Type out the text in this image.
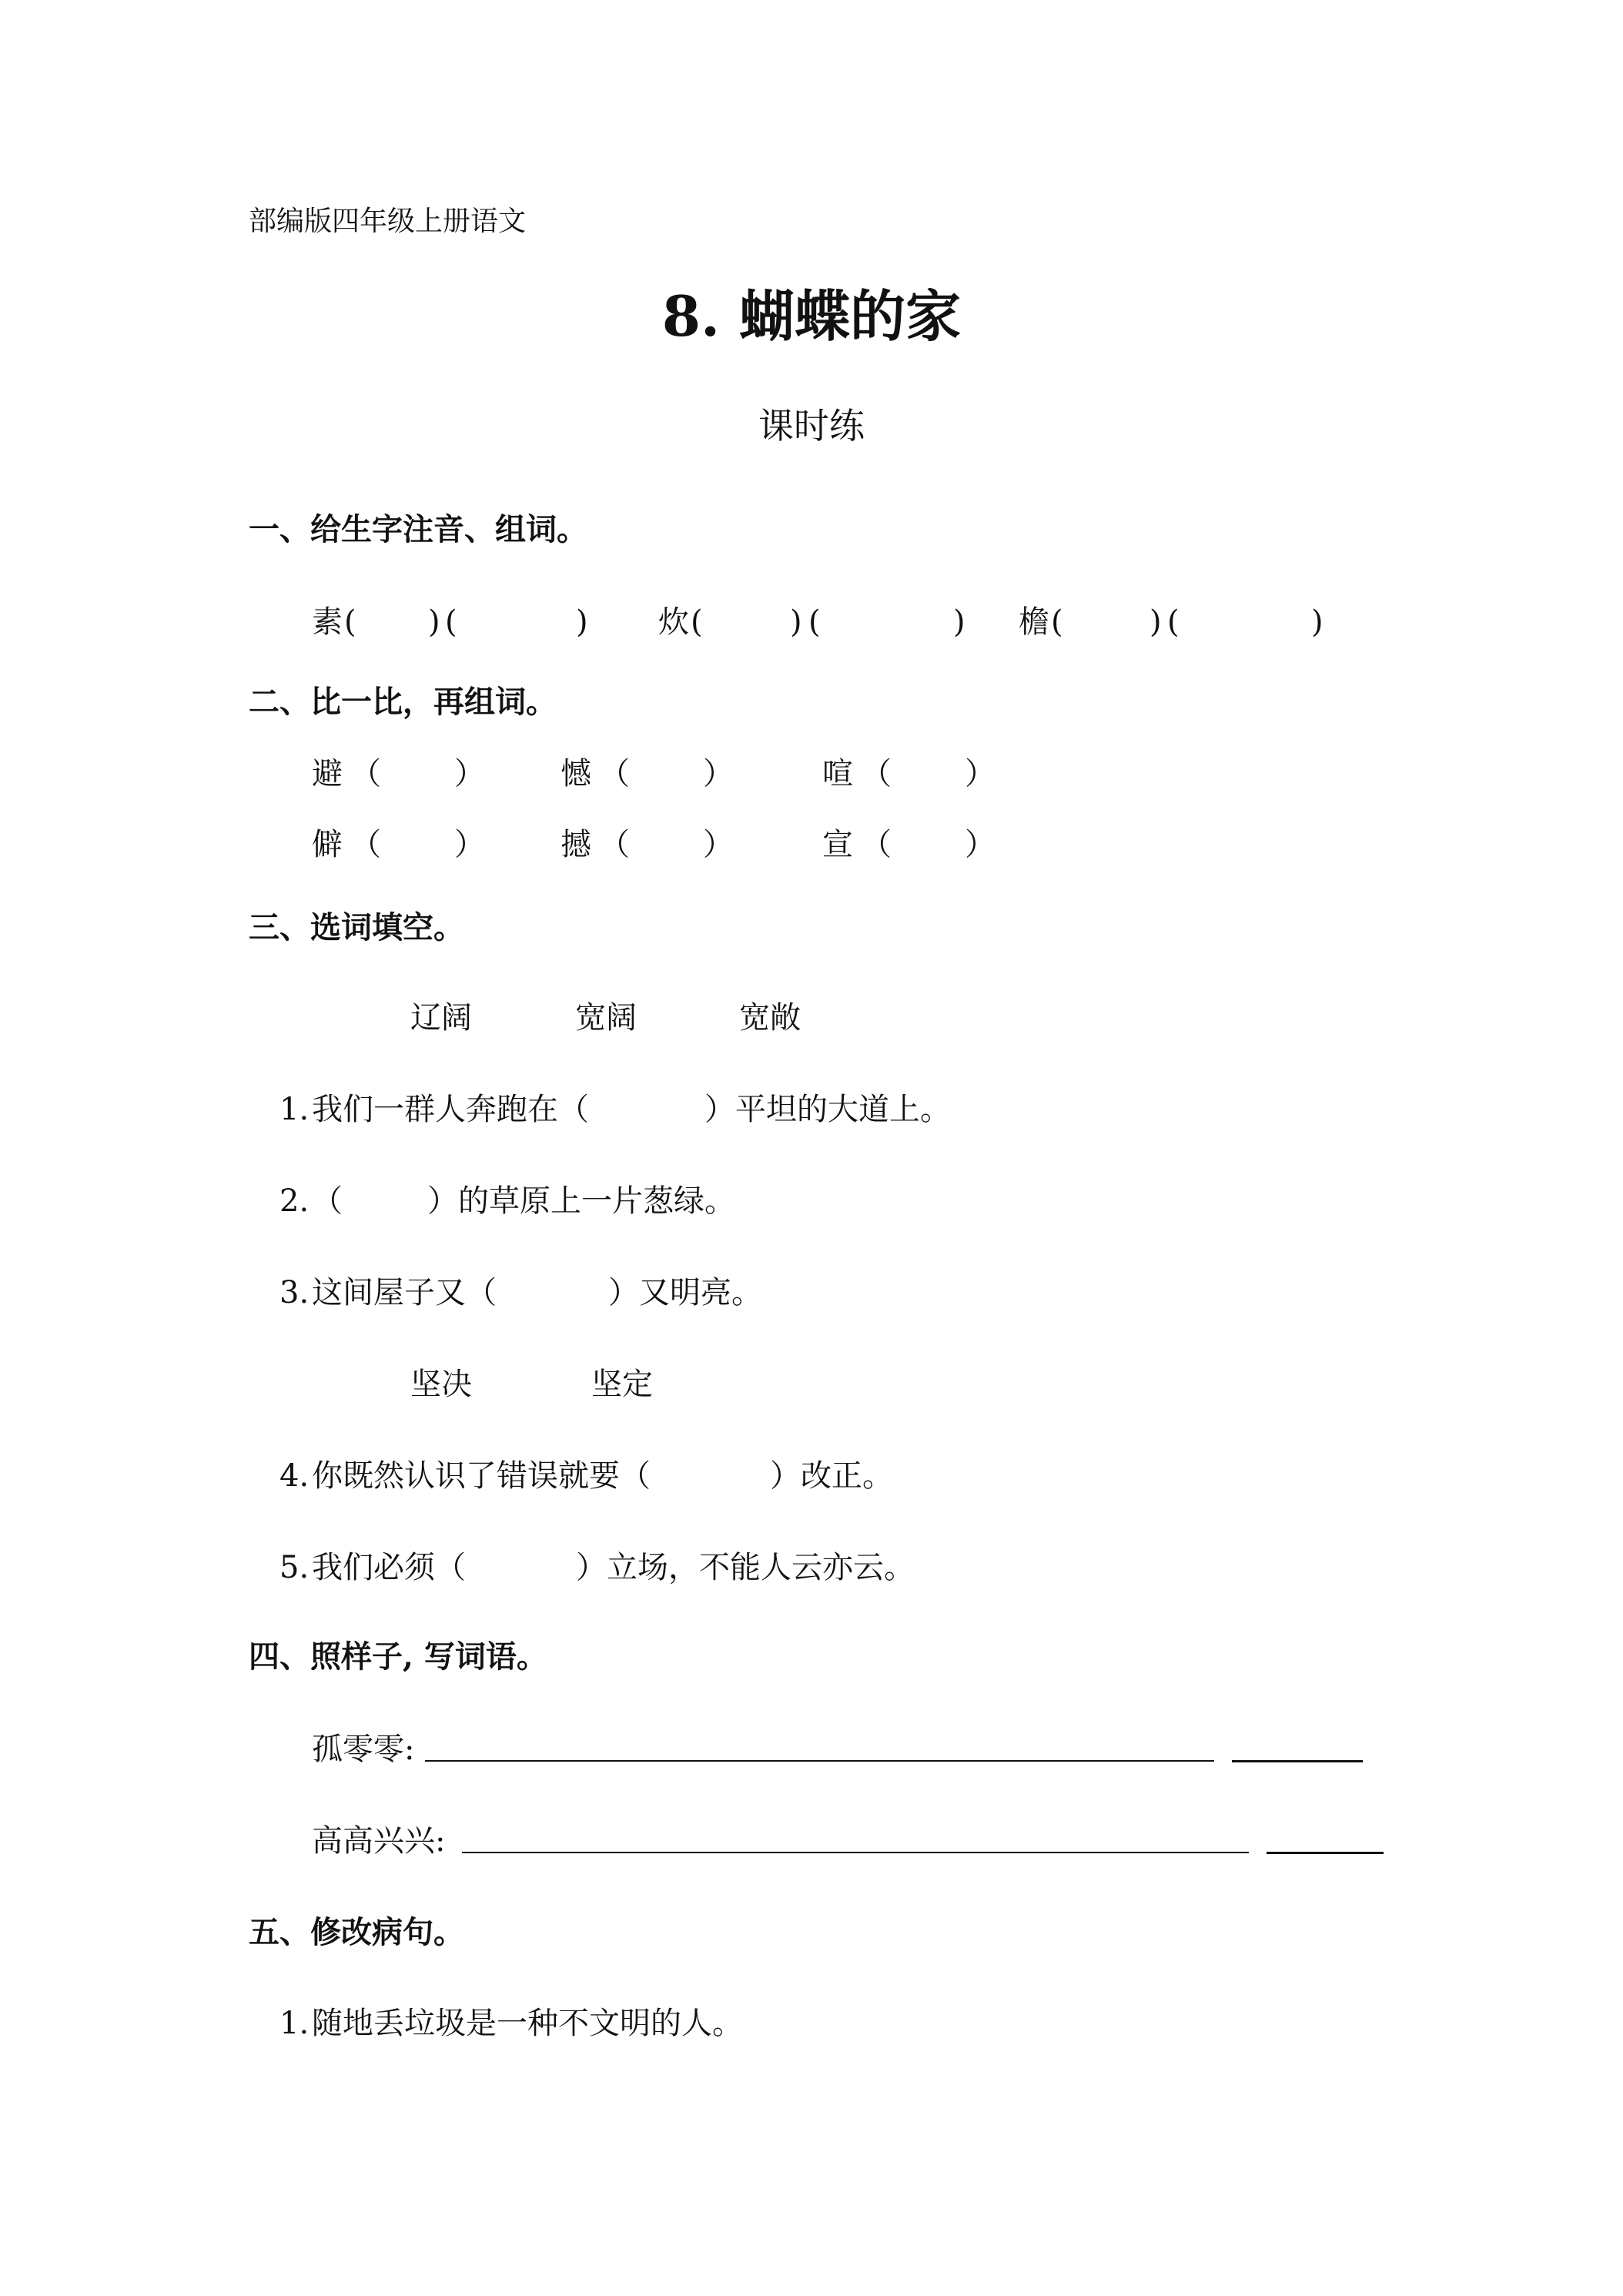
部编版四年级上册语文
8. 蝴蝶的家
课时练
一、给生字注音、组词。
素 ( ) (	) 炊 (	) (	) 檐 (	) (	)
二、比一比，再组词。
避 （ ） 憾 （ ）	喧 （ ）
僻 （ ） 撼 （ ）	宣 （ ）
三、选词填空。
辽阔	宽阔	宽敞
1. 我们一群人奔跑在（	）平坦的大道上。
2. （	）的草原上一片葱绿。
3. 这间屋子又（	）又明亮。
坚决	坚定
4. 你既然认识了错误就要（	）改正。
5. 我们必须（	）立场，不能人云亦云。
四、照样子, 写词语。
孤零零:
高高兴兴:
五、修改病句。
1. 随地丢垃圾是一种不文明的人。
